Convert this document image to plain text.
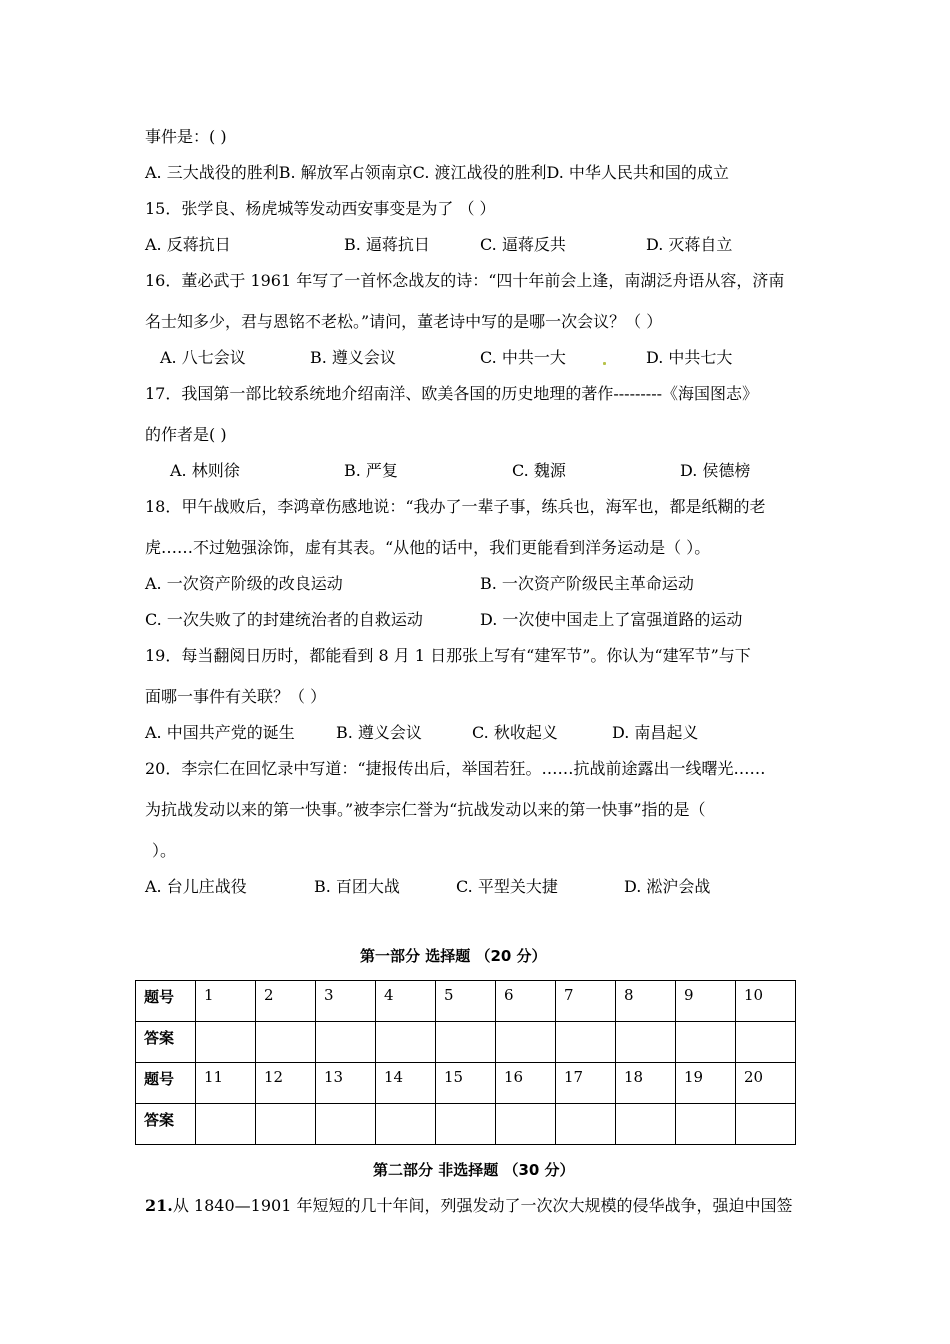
事件是：( )
A. 三大战役的胜利B. 解放军占领南京C. 渡江战役的胜利D. 中华人民共和国的成立
15．张学良、杨虎城等发动西安事变是为了 （ ）
A. 反蒋抗日	B. 逼蒋抗日	C. 逼蒋反共	D. 灭蒋自立
16．董必武于 1961 年写了一首怀念战友的诗：“四十年前会上逢，南湖泛舟语从容，济南
名士知多少，君与恩铭不老松。”请问，董老诗中写的是哪一次会议？（ ）
A. 八七会议	B. 遵义会议	C. 中共一大	D. 中共七大
17．我国第一部比较系统地介绍南洋、欧美各国的历史地理的著作---------《海国图志》
的作者是( )
A. 林则徐	B. 严复	C. 魏源	D. 侯德榜
18．甲午战败后，李鸿章伤感地说：“我办了一辈子事，练兵也，海军也，都是纸糊的老
虎……不过勉强涂饰，虚有其表。“从他的话中，我们更能看到洋务运动是（ ）。
A. 一次资产阶级的改良运动	B. 一次资产阶级民主革命运动
C. 一次失败了的封建统治者的自救运动	D. 一次使中国走上了富强道路的运动
19．每当翻阅日历时，都能看到 8 月 1 日那张上写有“建军节”。你认为“建军节”与下
面哪一事件有关联？（ ）
A. 中国共产党的诞生	B. 遵义会议	C. 秋收起义	D. 南昌起义
20．李宗仁在回忆录中写道：“捷报传出后，举国若狂。……抗战前途露出一线曙光……
为抗战发动以来的第一快事。”被李宗仁誉为“抗战发动以来的第一快事”指的是（
）。
A. 台儿庄战役	B. 百团大战	C. 平型关大捷	D. 淞沪会战
第一部分 选择题 （20 分）
题号	1	2	3	4	5	6	7	8	9	10
答案										
题号	11	12	13	14	15	16	17	18	19	20
答案										
第二部分 非选择题 （30 分）
21.从 1840—1901 年短短的几十年间，列强发动了一次次大规模的侵华战争，强迫中国签
